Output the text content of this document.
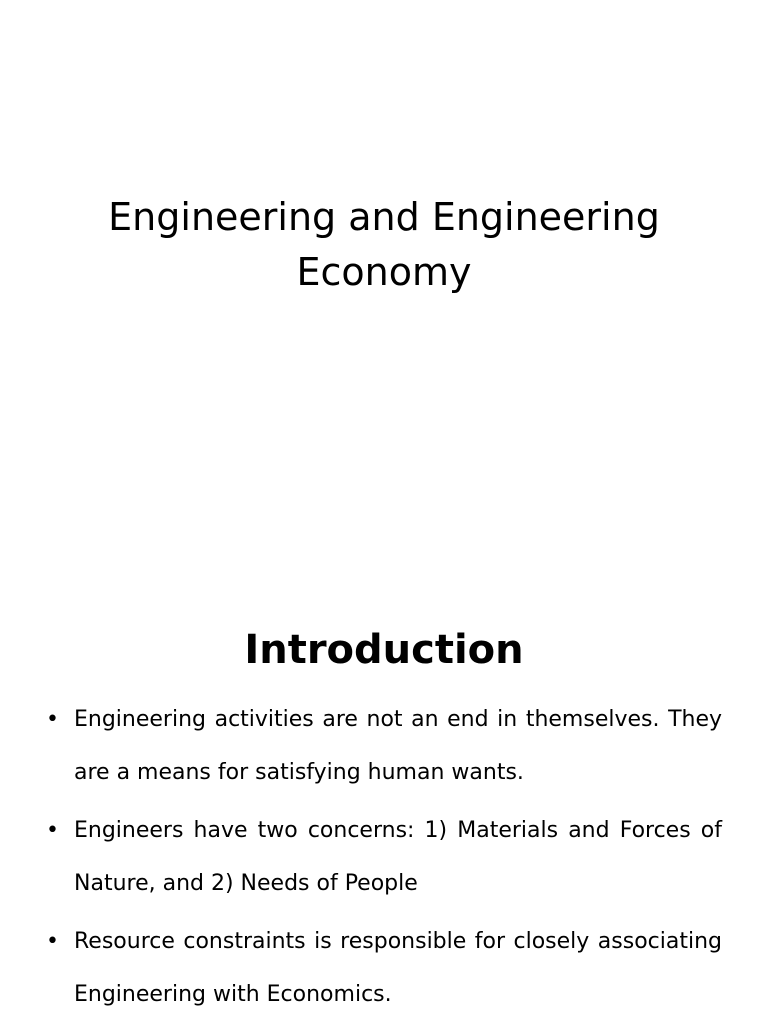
Engineering and Engineering Economy
Introduction
• Engineering activities are not an end in themselves. They are a means for satisfying human wants.
• Engineers have two concerns: 1) Materials and Forces of Nature, and 2) Needs of People
• Resource constraints is responsible for closely associating Engineering with Economics.
